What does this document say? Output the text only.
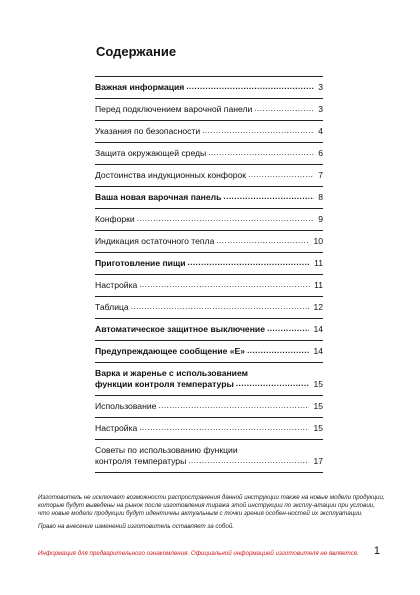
Содержание
Важная информация .....	3
Перед подключением варочной панели .....	3
Указания по безопасности .....	4
Защита окружающей среды .....	6
Достоинства индукционных конфорок .....	7
Ваша новая варочная панель .....	8
Конфорки .....	9
Индикация остаточного тепла .....	10
Приготовление пищи .....	11
Настройка .....	11
Таблица .....	12
Автоматическое защитное выключение .....	14
Предупреждающее сообщение «E» .....	14
Варка и жаренье с использованием
функции контроля температуры .....	15
Использование .....	15
Настройка .....	15
Советы по использованию функции
контроля температуры .....	17

Изготовитель не исключает возможности распространения данной инструкции также на новые модели продукции, которые будут выведены на рынок после изготовления тиража этой инструкции по эксплу-атации при условии, что новые модели продукции будут идентичны актуальным с точки зрения особен-ностей их эксплуатации.

Право на внесение изменений изготовитель оставляет за собой.

Информация для предварительного ознакомления. Официальной информацией изготовителя не является. 1
